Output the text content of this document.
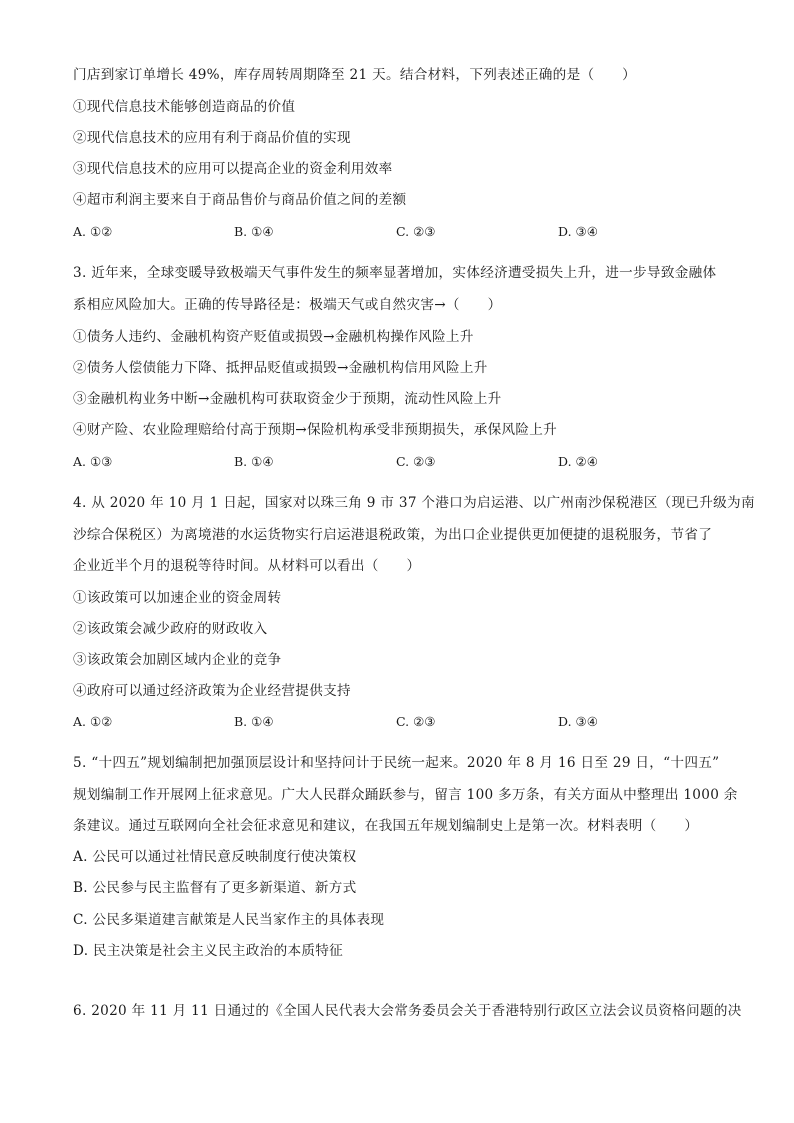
门店到家订单增长 49%，库存周转周期降至 21 天。结合材料，下列表述正确的是（　　）
①现代信息技术能够创造商品的价值
②现代信息技术的应用有利于商品价值的实现
③现代信息技术的应用可以提高企业的资金利用效率
④超市利润主要来自于商品售价与商品价值之间的差额
A. ①②	B. ①④	C. ②③	D. ③④
3. 近年来，全球变暖导致极端天气事件发生的频率显著增加，实体经济遭受损失上升，进一步导致金融体
系相应风险加大。正确的传导路径是：极端天气或自然灾害→（　　）
①债务人违约、金融机构资产贬值或损毁→金融机构操作风险上升
②债务人偿债能力下降、抵押品贬值或损毁→金融机构信用风险上升
③金融机构业务中断→金融机构可获取资金少于预期，流动性风险上升
④财产险、农业险理赔给付高于预期→保险机构承受非预期损失，承保风险上升
A. ①③	B. ①④	C. ②③	D. ②④
4. 从 2020 年 10 月 1 日起，国家对以珠三角 9 市 37 个港口为启运港、以广州南沙保税港区（现已升级为南
沙综合保税区）为离境港的水运货物实行启运港退税政策，为出口企业提供更加便捷的退税服务，节省了
企业近半个月的退税等待时间。从材料可以看出（　　）
①该政策可以加速企业的资金周转
②该政策会减少政府的财政收入
③该政策会加剧区域内企业的竞争
④政府可以通过经济政策为企业经营提供支持
A. ①②	B. ①④	C. ②③	D. ③④
5. “十四五”规划编制把加强顶层设计和坚持问计于民统一起来。2020 年 8 月 16 日至 29 日，“十四五”
规划编制工作开展网上征求意见。广大人民群众踊跃参与，留言 100 多万条，有关方面从中整理出 1000 余
条建议。通过互联网向全社会征求意见和建议，在我国五年规划编制史上是第一次。材料表明（　　）
A. 公民可以通过社情民意反映制度行使决策权
B. 公民参与民主监督有了更多新渠道、新方式
C. 公民多渠道建言献策是人民当家作主的具体表现
D. 民主决策是社会主义民主政治的本质特征
6. 2020 年 11 月 11 日通过的《全国人民代表大会常务委员会关于香港特别行政区立法会议员资格问题的决
